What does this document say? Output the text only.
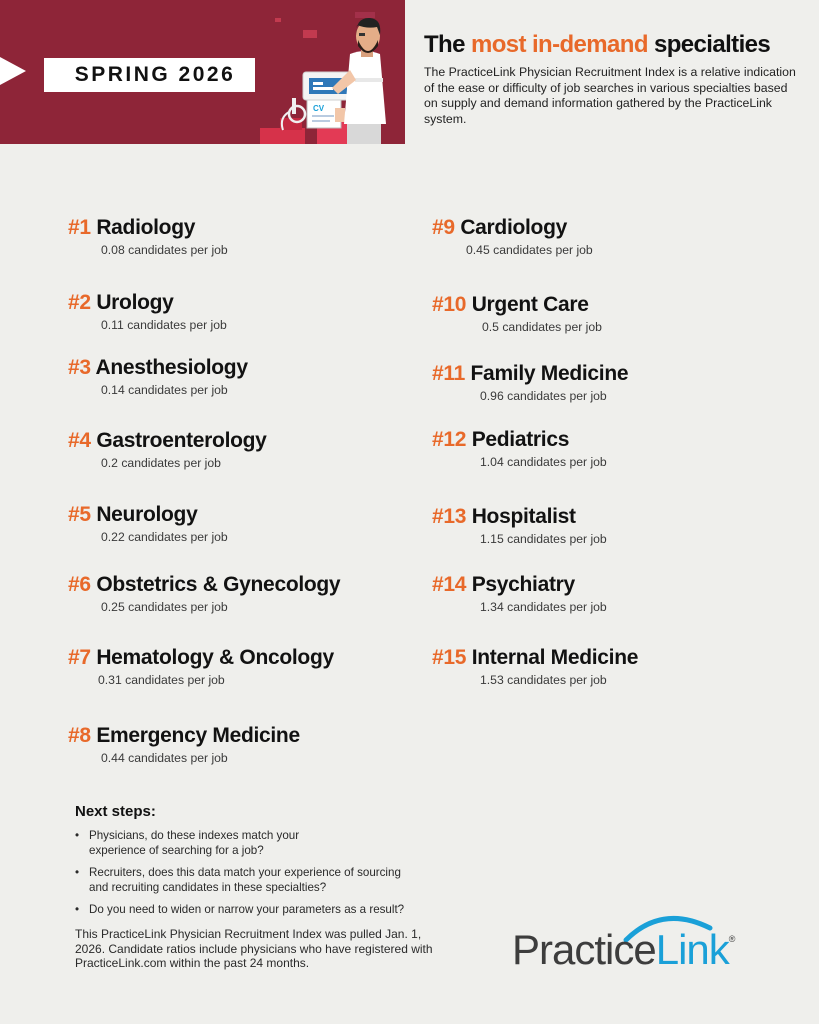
SPRING 2026
CV
The most in-demand specialties
The PracticeLink Physician Recruitment Index is a relative indication of the ease or difficulty of job searches in various specialties based on supply and demand information gathered by the PracticeLink system.
#1 Radiology
0.08 candidates per job
#2 Urology
0.11 candidates per job
#3 Anesthesiology
0.14 candidates per job
#4 Gastroenterology
0.2 candidates per job
#5 Neurology
0.22 candidates per job
#6 Obstetrics & Gynecology
0.25 candidates per job
#7 Hematology & Oncology
0.31 candidates per job
#8 Emergency Medicine
0.44 candidates per job
#9 Cardiology
0.45 candidates per job
#10 Urgent Care
0.5 candidates per job
#11 Family Medicine
0.96 candidates per job
#12 Pediatrics
1.04 candidates per job
#13 Hospitalist
1.15 candidates per job
#14 Psychiatry
1.34 candidates per job
#15 Internal Medicine
1.53 candidates per job
Next steps:
• Physicians, do these indexes match your experience of searching for a job?
• Recruiters, does this data match your experience of sourcing and recruiting candidates in these specialties?
• Do you need to widen or narrow your parameters as a result?
This PracticeLink Physician Recruitment Index was pulled Jan. 1, 2026. Candidate ratios include physicians who have registered with PracticeLink.com within the past 24 months.	PracticeLink®
